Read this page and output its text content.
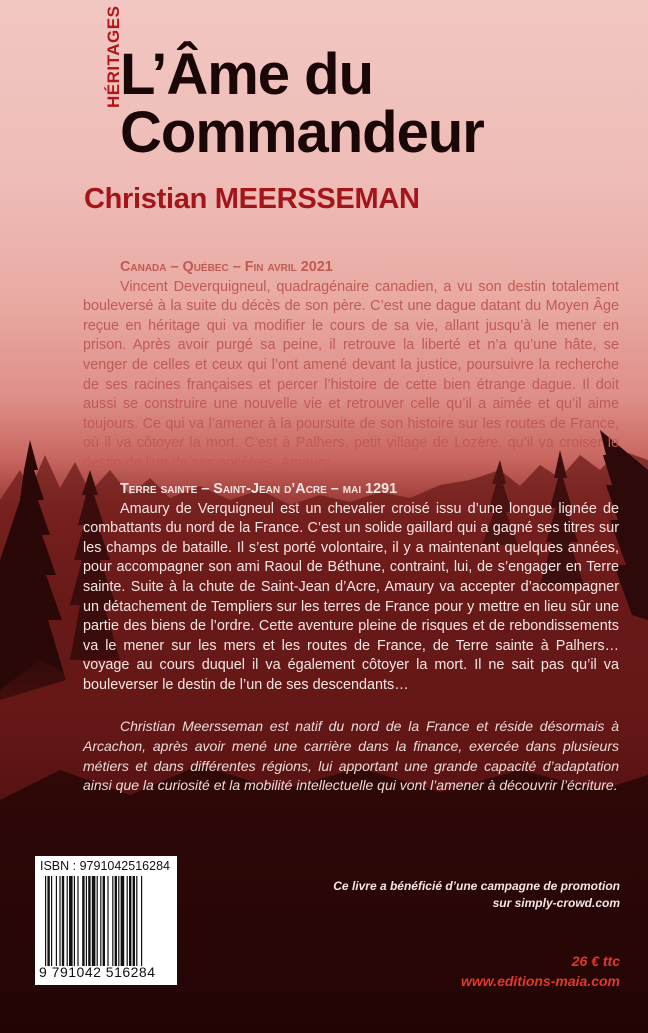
HÉRITAGES
L’Âme du
Commandeur
Christian MEERSSEMAN
Canada – Québec – Fin avril 2021
Vincent Deverquigneul, quadragénaire canadien, a vu son destin totalement bouleversé à la suite du décès de son père. C’est une dague datant du Moyen Âge reçue en héritage qui va modifier le cours de sa vie, allant jusqu’à le mener en prison. Après avoir purgé sa peine, il retrouve la liberté et n’a qu’une hâte, se venger de celles et ceux qui l’ont amené devant la justice, poursuivre la recherche de ses racines françaises et percer l’histoire de cette bien étrange dague. Il doit aussi se construire une nouvelle vie et retrouver celle qu’il a aimée et qu’il aime toujours. Ce qui va l’amener à la poursuite de son histoire sur les routes de France, où il va côtoyer la mort. C’est à Palhers, petit village de Lozère, qu’il va croiser le destin de l’un de ses ancêtres, Amaury.
Terre sainte – Saint-Jean d’Acre – mai 1291
Amaury de Verquigneul est un chevalier croisé issu d’une longue lignée de combattants du nord de la France. C’est un solide gaillard qui a gagné ses titres sur les champs de bataille. Il s’est porté volontaire, il y a maintenant quelques années, pour accompagner son ami Raoul de Béthune, contraint, lui, de s’engager en Terre sainte. Suite à la chute de Saint-Jean d’Acre, Amaury va accepter d’accompagner un détachement de Templiers sur les terres de France pour y mettre en lieu sûr une partie des biens de l’ordre. Cette aventure pleine de risques et de rebondissements va le mener sur les mers et les routes de France, de Terre sainte à Palhers… voyage au cours duquel il va également côtoyer la mort. Il ne sait pas qu’il va bouleverser le destin de l’un de ses descendants…
Christian Meersseman est natif du nord de la France et réside désormais à Arcachon, après avoir mené une carrière dans la finance, exercée dans plusieurs métiers et dans différentes régions, lui apportant une grande capacité d’adaptation ainsi que la curiosité et la mobilité intellectuelle qui vont l’amener à découvrir l’écriture.
ISBN : 9791042516284
9 791042 516284
Ce livre a bénéficié d’une campagne de promotion
sur simply-crowd.com
26 € ttc
www.editions-maia.com
